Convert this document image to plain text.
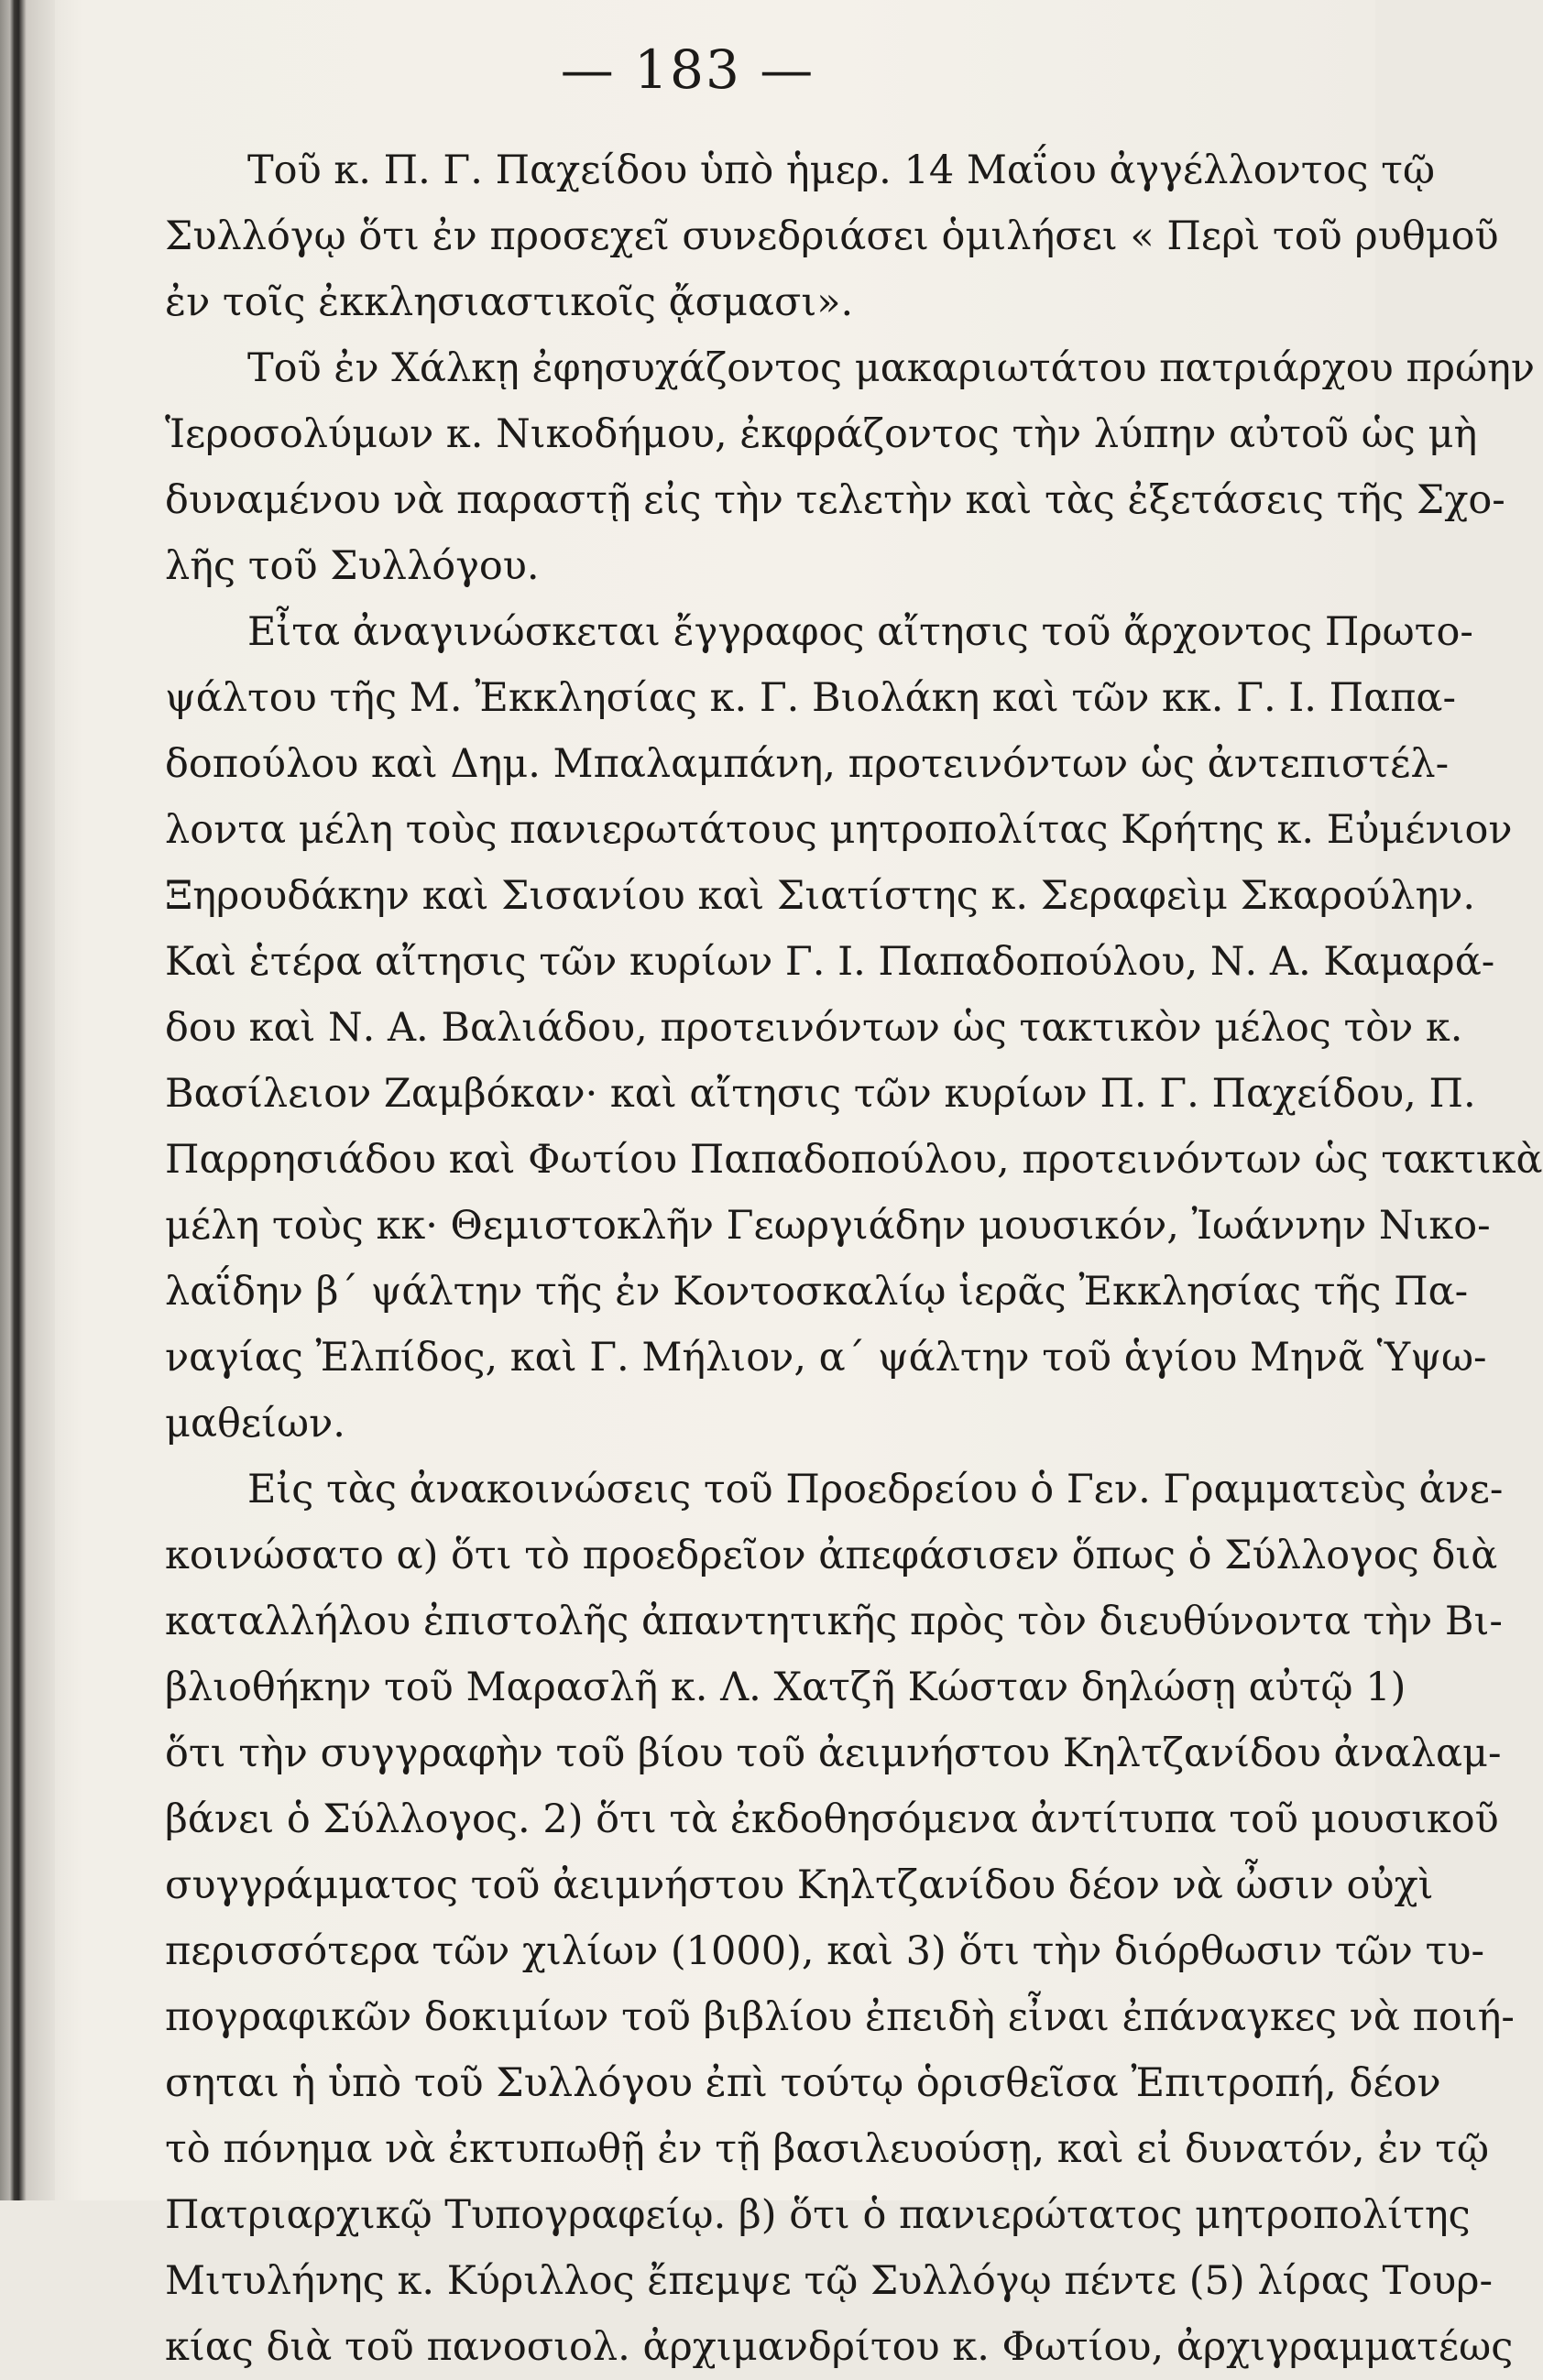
— 183 —
Τοῦ κ. Π. Γ. Παχείδου ὑπὸ ἡμερ. 14 Μαΐου ἀγγέλλοντος τῷ
Συλλόγῳ ὅτι ἐν προσεχεῖ συνεδριάσει ὁμιλήσει « Περὶ τοῦ ρυθμοῦ
ἐν τοῖς ἐκκλησιαστικοῖς ᾄσμασι».
Τοῦ ἐν Χάλκῃ ἐφησυχάζοντος μακαριωτάτου πατριάρχου πρώην
Ἱεροσολύμων κ. Νικοδήμου, ἐκφράζοντος τὴν λύπην αὐτοῦ ὡς μὴ
δυναμένου νὰ παραστῇ εἰς τὴν τελετὴν καὶ τὰς ἐξετάσεις τῆς Σχο-
λῆς τοῦ Συλλόγου.
Εἶτα ἀναγινώσκεται ἔγγραφος αἴτησις τοῦ ἄρχοντος Πρωτο-
ψάλτου τῆς Μ. Ἐκκλησίας κ. Γ. Βιολάκη καὶ τῶν κκ. Γ. Ι. Παπα-
δοπούλου καὶ Δημ. Μπαλαμπάνη, προτεινόντων ὡς ἀντεπιστέλ-
λοντα μέλη τοὺς πανιερωτάτους μητροπολίτας Κρήτης κ. Εὐμένιον
Ξηρουδάκην καὶ Σισανίου καὶ Σιατίστης κ. Σεραφεὶμ Σκαρούλην.
Καὶ ἑτέρα αἴτησις τῶν κυρίων Γ. Ι. Παπαδοπούλου, Ν. Α. Καμαρά-
δου καὶ Ν. Α. Βαλιάδου, προτεινόντων ὡς τακτικὸν μέλος τὸν κ.
Βασίλειον Ζαμβόκαν· καὶ αἴτησις τῶν κυρίων Π. Γ. Παχείδου, Π.
Παρρησιάδου καὶ Φωτίου Παπαδοπούλου, προτεινόντων ὡς τακτικὰ
μέλη τοὺς κκ· Θεμιστοκλῆν Γεωργιάδην μουσικόν, Ἰωάννην Νικο-
λαΐδην β΄ ψάλτην τῆς ἐν Κοντοσκαλίῳ ἱερᾶς Ἐκκλησίας τῆς Πα-
ναγίας Ἐλπίδος, καὶ Γ. Μήλιον, α΄ ψάλτην τοῦ ἁγίου Μηνᾶ Ὑψω-
μαθείων.
Εἰς τὰς ἀνακοινώσεις τοῦ Προεδρείου ὁ Γεν. Γραμματεὺς ἀνε-
κοινώσατο α) ὅτι τὸ προεδρεῖον ἀπεφάσισεν ὅπως ὁ Σύλλογος διὰ
καταλλήλου ἐπιστολῆς ἀπαντητικῆς πρὸς τὸν διευθύνοντα τὴν Βι-
βλιοθήκην τοῦ Μαρασλῆ κ. Λ. Χατζῆ Κώσταν δηλώσῃ αὐτῷ 1)
ὅτι τὴν συγγραφὴν τοῦ βίου τοῦ ἀειμνήστου Κηλτζανίδου ἀναλαμ-
βάνει ὁ Σύλλογος. 2) ὅτι τὰ ἐκδοθησόμενα ἀντίτυπα τοῦ μουσικοῦ
συγγράμματος τοῦ ἀειμνήστου Κηλτζανίδου δέον νὰ ὦσιν οὐχὶ
περισσότερα τῶν χιλίων (1000), καὶ 3) ὅτι τὴν διόρθωσιν τῶν τυ-
πογραφικῶν δοκιμίων τοῦ βιβλίου ἐπειδὴ εἶναι ἐπάναγκες νὰ ποιή-
σηται ἡ ὑπὸ τοῦ Συλλόγου ἐπὶ τούτῳ ὁρισθεῖσα Ἐπιτροπή, δέον
τὸ πόνημα νὰ ἐκτυπωθῇ ἐν τῇ βασιλευούσῃ, καὶ εἰ δυνατόν, ἐν τῷ
Πατριαρχικῷ Τυπογραφείῳ. β) ὅτι ὁ πανιερώτατος μητροπολίτης
Μιτυλήνης κ. Κύριλλος ἔπεμψε τῷ Συλλόγῳ πέντε (5) λίρας Τουρ-
κίας διὰ τοῦ πανοσιολ. ἀρχιμανδρίτου κ. Φωτίου, ἀρχιγραμματέως
